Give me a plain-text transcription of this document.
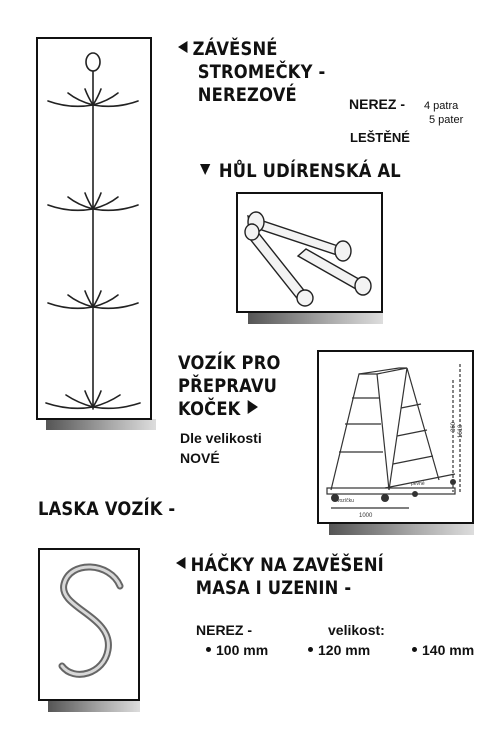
ZÁVĚSNÉ
STROMEČKY -
NEREZOVÉ	NEREZ - 4 patra
5 pater
LEŠTĚNÉ
HŮL UDÍRENSKÁ AL
VOZÍK PRO
PŘEPRAVU
KOČEK
Dle velikosti
NOVÉ
1000
360 1610
vozíčku
pevné
LASKA VOZÍK -
HÁČKY NA ZAVĚŠENÍ
MASA I UZENIN -
NEREZ -	velikost:
100 mm	120 mm	140 mm
